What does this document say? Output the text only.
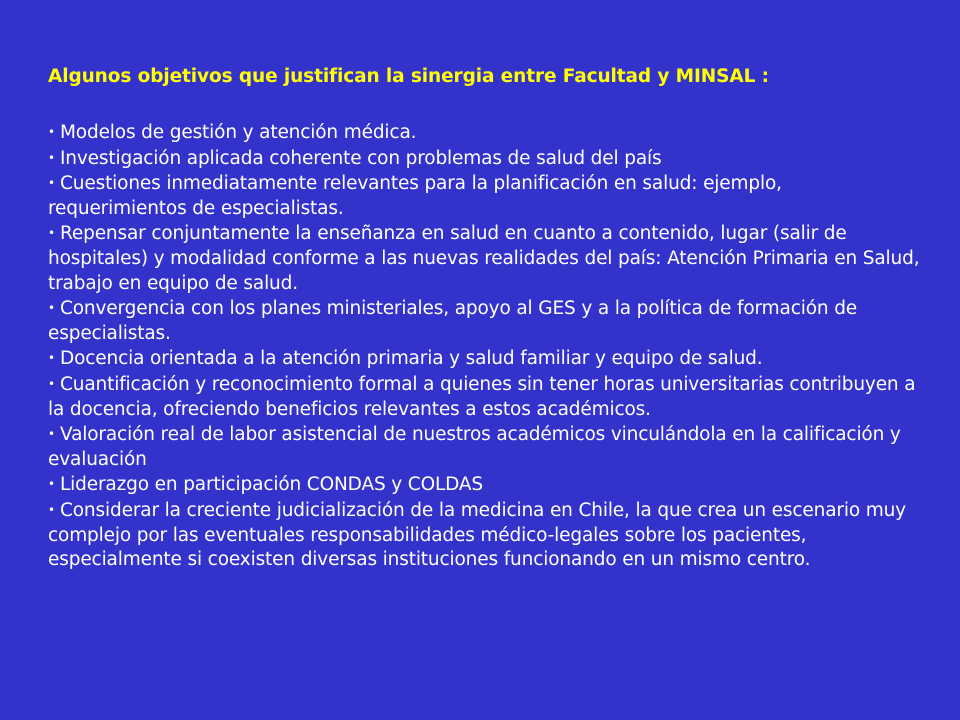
Algunos objetivos que justifican la sinergia entre Facultad y MINSAL :
• Modelos de gestión y atención médica.
• Investigación aplicada coherente con problemas de salud del país
• Cuestiones inmediatamente relevantes para la planificación en salud: ejemplo, requerimientos de especialistas.
• Repensar conjuntamente la enseñanza en salud en cuanto a contenido, lugar (salir de hospitales) y modalidad conforme a las nuevas realidades del país: Atención Primaria en Salud, trabajo en equipo de salud.
• Convergencia con los planes ministeriales, apoyo al GES y a la política de formación de especialistas.
• Docencia orientada a la atención primaria y salud familiar y equipo de salud.
• Cuantificación y reconocimiento formal a quienes sin tener horas universitarias contribuyen a la docencia, ofreciendo beneficios relevantes a estos académicos.
• Valoración real de labor asistencial de nuestros académicos vinculándola en la calificación y evaluación
• Liderazgo en participación CONDAS y COLDAS
• Considerar la creciente judicialización de la medicina en Chile, la que crea un escenario muy complejo por las eventuales responsabilidades médico-legales sobre los pacientes, especialmente si coexisten diversas instituciones funcionando en un mismo centro.
